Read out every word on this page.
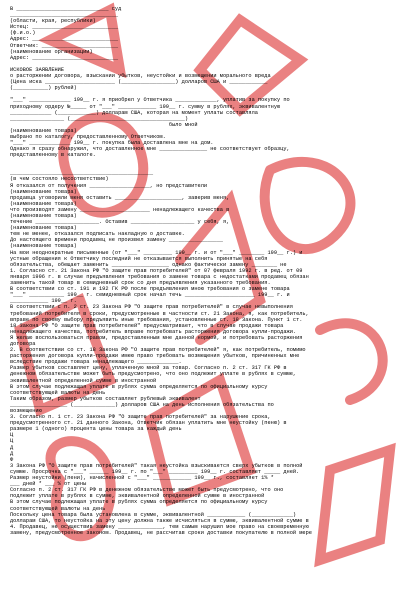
В _____________________________ суд
__________________________________
(области, края, республики)
Истец: ___________________________
(ф.и.о.)
Адрес: ___________________________
Ответчик: ________________________
(наименование организации)
Адрес: ___________________________
ИСКОВОЕ ЗАЯВЛЕНИЕ
о расторжении договора, взыскании убытков, неустойки и возмещении морального вреда
(Цена иска ______________________ (_________________) долларов США и ____________
(___________) рублей)
"___" _____________ 199__ г. я приобрел у Ответчика _____________, уплатив за покупку по
приходному ордеру №_____ от "___" ____________ 199__ г. сумму в рублях, эквивалентную
_____________ (____________) долларам США, которая на момент уплаты составляла
_________________ (____________________________________)
было мной
(наименование товара)
выбрано по каталогу, предоставленному Ответчиком.
"___" _____________ 199__ г. покупка была доставлена мне на дом.
Однако я сразу обнаружил, что доставленное мне _______________ не соответствует образцу,
представленному в каталоге.
_____________________________________________
(в чем состояло несоответствие)
Я отказался от получения ___________________, но представители
(наименование товара)
продавца уговорили меня оставить _____________________, заверив меня,
(наименование товара)
что производят замену ______________________ ненадлежащего качества в
(наименование товара)
течение ____________________. Оставив ____________________ у себя, я,
(наименование товара)
тем не менее, отказался подписать накладную о доставке.
До настоящего времени продавец не произвел замену _________________
(наименование товара)
На мои неоднократные письменные (от "___" _________ 199__ г. и от "___" ________ 199__ г.) и
устные обращения к Ответчику последний не отказывается выполнить принятые на себя
обязательства, обещает заменить __________________ однако фактически замену ________ не
1. Согласно ст. 21 Закона РФ "О защите прав потребителей" от 07 февраля 1992 г. в ред. от 09
января 1996 г. в случае предъявления требования о замене товара с недостатками продавец обязан
заменить такой товар в семидневный срок со дня предъявления указанного требования.
В соответствии со ст. 191 и 192 ГК РФ после предъявления мною требования о замене товара
"___" ___________ 199__ г. семидневный срок начал течь ______________________ 199__ г. и
____________ 199__ г.
В соответствии с п. 2 ст. 23 Закона РФ "О защите прав потребителей" в случае невыполнения
требований потребителя в сроки, предусмотренные в частности ст. 21 Закона, я, как потребитель,
вправе по своему выбору предъявить иные требования, установленные ст. 18 Закона. Пункт 1 ст.
18 Закона РФ "О защите прав потребителей" предусматривает, что в случае продажи товара
ненадлежащего качества, потребитель вправе потребовать расторжения договора купли-продажи.
Я желаю воспользоваться правом, предоставленным мне данной нормой, и потребовать расторжения
договора
2. В соответствии со ст. 18 Закона РФ "О защите прав потребителей" я, как потребитель, помимо
расторжения договора купли-продажи имею право требовать возмещения убытков, причиненных мне
вследствие продажи товара ненадлежащего _____________.
Размер убытков составляет цену, уплаченную мной за товар. Согласно п. 2 ст. 317 ГК РФ в
денежном обязательстве может быть предусмотрено, что оно подлежит уплате в рублях в сумме,
эквивалентной определенной сумме в иностранной
В этом случае подлежащая уплате в рублях сумма определяется по официальному курсу
соответствующей валюты на день
Таким образом, размер убытков составляет рублевый эквивалент
__________________ (_____________) долларов США на день исполнения обязательства по
возмещению
3. Согласно п. 1 ст. 23 Закона РФ "О защите прав потребителей" за нарушение срока,
предусмотренного ст. 21 данного Закона, Ответчик обязан уплатить мне неустойку (пеню) в
размере 1 (одного) процента цены товара за каждый день
Ц
Ц
Д
Д
Ф
3 Закона РФ "О защите прав потребителей" такая неустойка взыскивается сверх убытков в полной
сумме. Просрочка с "___" ______ 199__ г. по "___" _________ 199__ г. составляет _____ дней.
Размер неустойки (пени), начисленной с "___" ____________ 199__ г., составляет 1% *
___ дней * ___ % от цены
Согласно п. 2 ст. 317 ГК РФ в денежном обязательстве может быть предусмотрено, что оно
подлежит уплате в рублях в сумме, эквивалентной определенной сумме в иностранной
В этом случае подлежащая уплате в рублях сумма определяется по официальному курсу
соответствующей валюты на день
Поскольку цена товара была установлена в сумме, эквивалентной ____________ (_____________)
долларам США, то неустойка на эту цену должна также исчисляться в сумме, эквивалентной сумме в
4. Продавец, не осуществив замену ______________, тем самым нарушил мое право на своевременную
замену, предусмотренное законом. Продавец, не рассчитав сроки доставки покупателю в полной мере
